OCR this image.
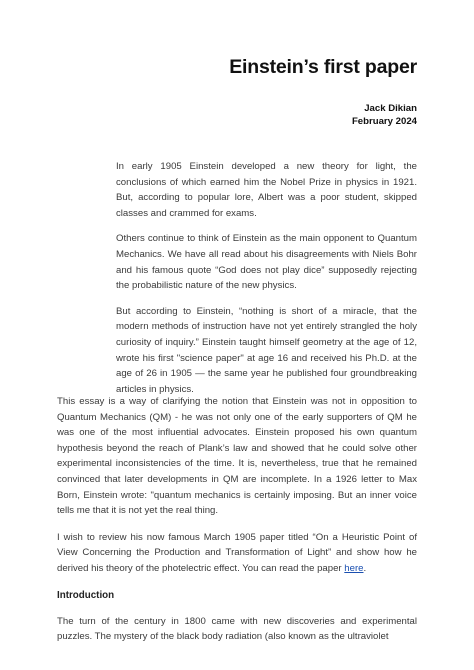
Einstein’s first paper
Jack Dikian
February 2024

In early 1905 Einstein developed a new theory for light, the conclusions of which earned him the Nobel Prize in physics in 1921. But, according to popular lore, Albert was a poor student, skipped classes and crammed for exams.

Others continue to think of Einstein as the main opponent to Quantum Mechanics. We have all read about his disagreements with Niels Bohr and his famous quote “God does not play dice” supposedly rejecting the probabilistic nature of the new physics.

But according to Einstein, “nothing is short of a miracle, that the modern methods of instruction have not yet entirely strangled the holy curiosity of inquiry.” Einstein taught himself geometry at the age of 12, wrote his first "science paper" at age 16 and received his Ph.D. at the age of 26 in 1905 — the same year he published four groundbreaking articles in physics.

This essay is a way of clarifying the notion that Einstein was not in opposition to Quantum Mechanics (QM) - he was not only one of the early supporters of QM he was one of the most influential advocates. Einstein proposed his own quantum hypothesis beyond the reach of Plank’s law and showed that he could solve other experimental inconsistencies of the time. It is, nevertheless, true that he remained convinced that later developments in QM are incomplete. In a 1926 letter to Max Born, Einstein wrote: "quantum mechanics is certainly imposing. But an inner voice tells me that it is not yet the real thing.

I wish to review his now famous March 1905 paper titled “On a Heuristic Point of View Concerning the Production and Transformation of Light” and show how he derived his theory of the photelectric effect. You can read the paper here.

Introduction

The turn of the century in 1800 came with new discoveries and experimental puzzles. The mystery of the black body radiation (also known as the ultraviolet
